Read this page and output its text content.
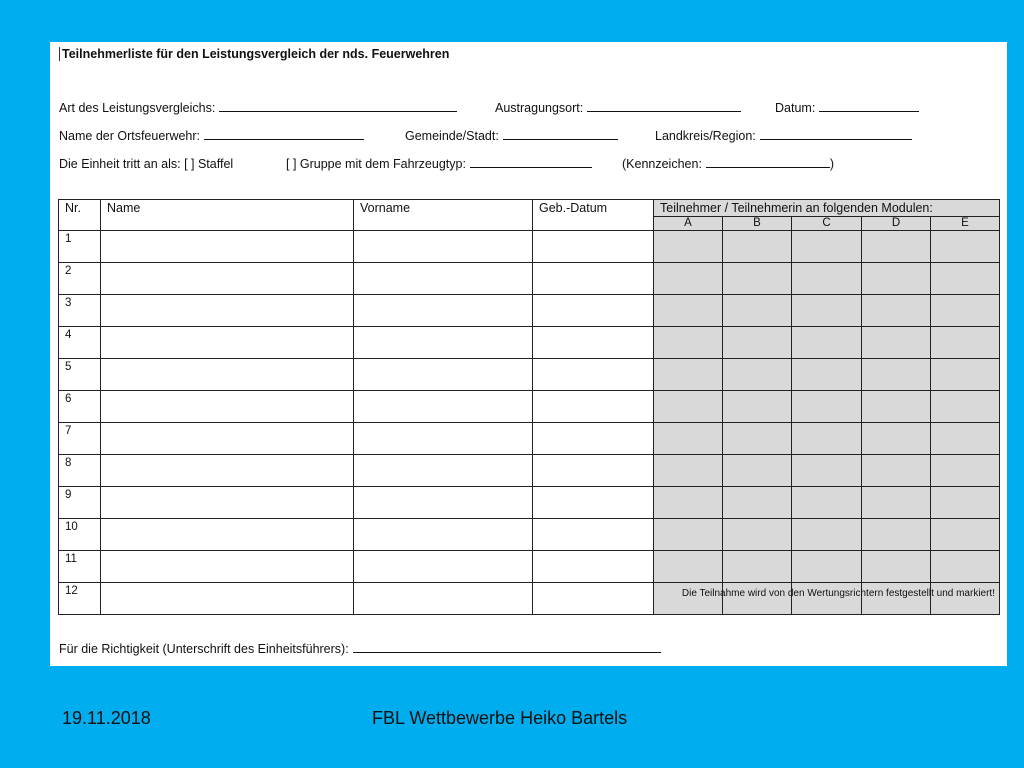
Teilnehmerliste für den Leistungsvergleich der nds. Feuerwehren
Art des Leistungsvergleichs:	Austragungsort:	Datum:
Name der Ortsfeuerwehr:	Gemeinde/Stadt:	Landkreis/Region:
Die Einheit tritt an als: [ ] Staffel	[ ] Gruppe mit dem Fahrzeugtyp:	(Kennzeichen:	)
Nr.	Name	Vorname	Geb.-Datum	Teilnehmer / Teilnehmerin an folgenden Modulen:				
				A	B	C	D	E
1								
2								
3								
4								
5								
6								
7								
8								
9								
10								
11								
12									Die Teilnahme wird von den Wertungsrichtern festgestellt und markiert!
Für die Richtigkeit (Unterschrift des Einheitsführers):
19.11.2018	FBL Wettbewerbe Heiko Bartels
